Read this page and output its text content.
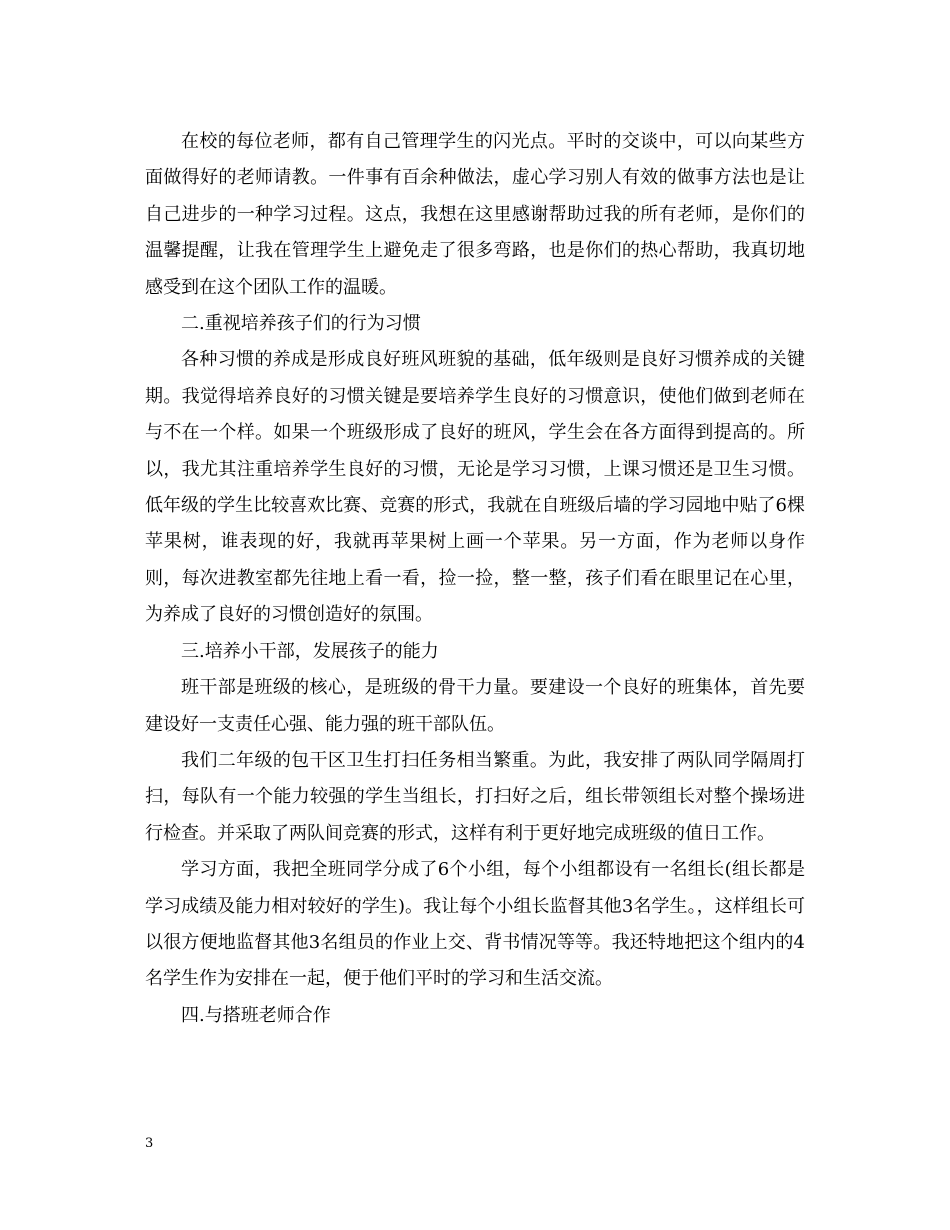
在校的每位老师，都有自己管理学生的闪光点。平时的交谈中，可以向某些方面做得好的老师请教。一件事有百余种做法，虚心学习别人有效的做事方法也是让自己进步的一种学习过程。这点，我想在这里感谢帮助过我的所有老师，是你们的温馨提醒，让我在管理学生上避免走了很多弯路，也是你们的热心帮助，我真切地感受到在这个团队工作的温暖。

二.重视培养孩子们的行为习惯

各种习惯的养成是形成良好班风班貌的基础，低年级则是良好习惯养成的关键期。我觉得培养良好的习惯关键是要培养学生良好的习惯意识，使他们做到老师在与不在一个样。如果一个班级形成了良好的班风，学生会在各方面得到提高的。所以，我尤其注重培养学生良好的习惯，无论是学习习惯，上课习惯还是卫生习惯。低年级的学生比较喜欢比赛、竞赛的形式，我就在自班级后墙的学习园地中贴了6棵苹果树，谁表现的好，我就再苹果树上画一个苹果。另一方面，作为老师以身作则，每次进教室都先往地上看一看，捡一捡，整一整，孩子们看在眼里记在心里，为养成了良好的习惯创造好的氛围。

三.培养小干部，发展孩子的能力

班干部是班级的核心，是班级的骨干力量。要建设一个良好的班集体，首先要建设好一支责任心强、能力强的班干部队伍。

我们二年级的包干区卫生打扫任务相当繁重。为此，我安排了两队同学隔周打扫，每队有一个能力较强的学生当组长，打扫好之后，组长带领组长对整个操场进行检查。并采取了两队间竞赛的形式，这样有利于更好地完成班级的值日工作。

学习方面，我把全班同学分成了6个小组，每个小组都设有一名组长(组长都是学习成绩及能力相对较好的学生)。我让每个小组长监督其他3名学生。，这样组长可以很方便地监督其他3名组员的作业上交、背书情况等等。我还特地把这个组内的4名学生作为安排在一起，便于他们平时的学习和生活交流。

四.与搭班老师合作

3
